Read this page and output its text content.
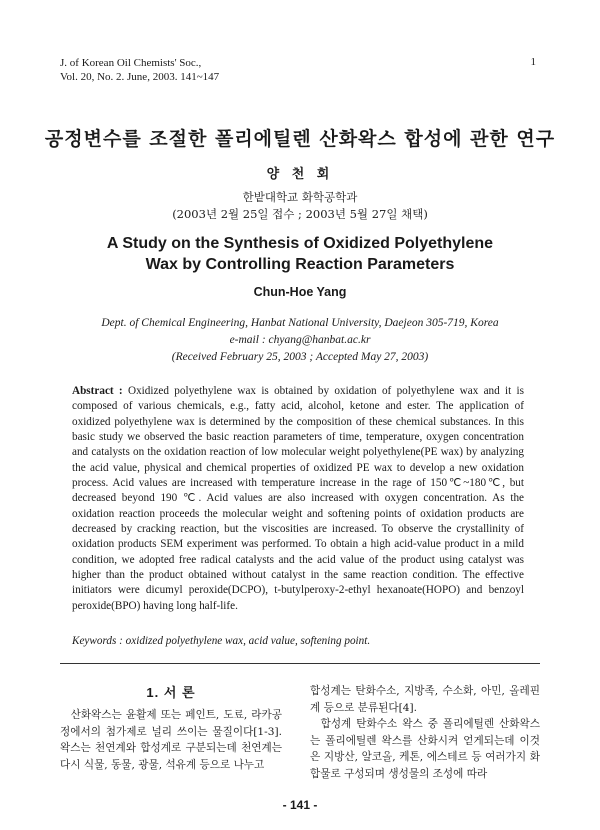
J. of Korean Oil Chemists' Soc.,
Vol. 20, No. 2. June, 2003. 141~147
1
공정변수를 조절한 폴리에틸렌 산화왁스 합성에 관한 연구
양 천 회
한밭대학교 화학공학과
(2003년 2월 25일 접수 ; 2003년 5월 27일 채택)
A Study on the Synthesis of Oxidized Polyethylene
Wax by Controlling Reaction Parameters
Chun-Hoe Yang
Dept. of Chemical Engineering, Hanbat National University, Daejeon 305-719, Korea
e-mail : chyang@hanbat.ac.kr
(Received February 25, 2003 ; Accepted May 27, 2003)
Abstract : Oxidized polyethylene wax is obtained by oxidation of polyethylene wax and it is composed of various chemicals, e.g., fatty acid, alcohol, ketone and ester. The application of oxidized polyethylene wax is determined by the composition of these chemical substances. In this basic study we observed the basic reaction parameters of time, temperature, oxygen concentration and catalysts on the oxidation reaction of low molecular weight polyethylene(PE wax) by analyzing the acid value, physical and chemical properties of oxidized PE wax to develop a new oxidation process. Acid values are increased with temperature increase in the rage of 150℃~180℃, but decreased beyond 190 ℃. Acid values are also increased with oxygen concentration. As the oxidation reaction proceeds the molecular weight and softening points of oxidation products are decreased by cracking reaction, but the viscosities are increased. To observe the crystallinity of oxidation products SEM experiment was performed. To obtain a high acid-value product in a mild condition, we adopted free radical catalysts and the acid value of the product using catalyst was higher than the product obtained without catalyst in the same reaction condition. The effective initiators were dicumyl peroxide(DCPO), t-butylperoxy-2-ethyl hexanoate(HOPO) and benzoyl peroxide(BPO) having long half-life.
Keywords : oxidized polyethylene wax, acid value, softening point.
1. 서 론

산화왁스는 윤활제 또는 페인트, 도료, 라카공정에서의 첨가제로 널리 쓰이는 물질이다[1-3]. 왁스는 천연계와 합성계로 구분되는데 천연계는 다시 식물, 동물, 광물, 석유계 등으로 나누고

합성계는 탄화수소, 지방족, 수소화, 아민, 올레핀계 등으로 분류된다[4].

합성계 탄화수소 왁스 중 폴리에틸렌 산화왁스는 폴리에틸렌 왁스를 산화시켜 얻게되는데 이것은 지방산, 알코올, 케톤, 에스테르 등 여러가지 화합물로 구성되며 생성물의 조성에 따라

- 141 -
